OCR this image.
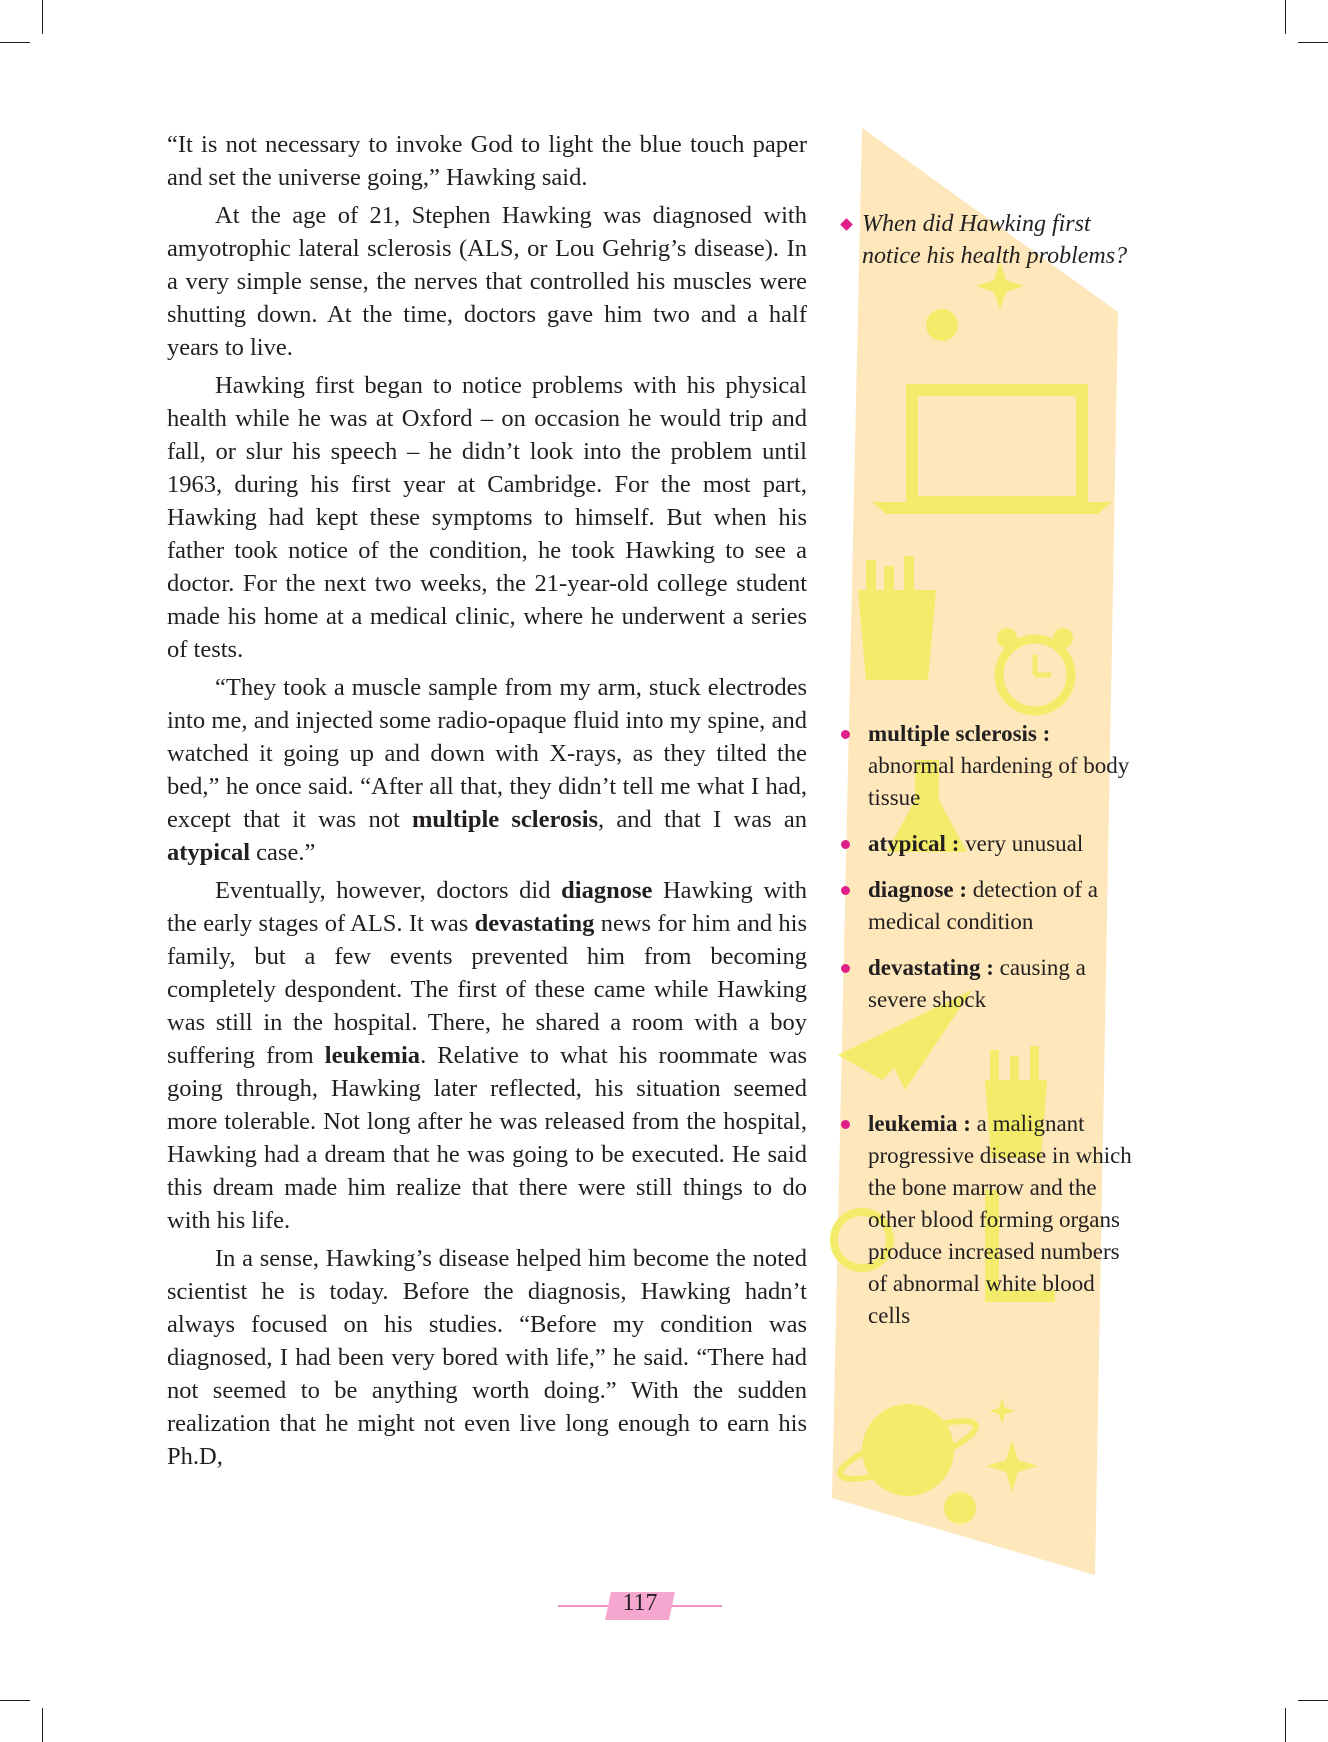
“It is not necessary to invoke God to light the blue touch paper and set the universe going,” Hawking said.

At the age of 21, Stephen Hawking was diagnosed with amyotrophic lateral sclerosis (ALS, or Lou Gehrig’s disease). In a very simple sense, the nerves that controlled his muscles were shutting down. At the time, doctors gave him two and a half years to live.

Hawking first began to notice problems with his physical health while he was at Oxford – on occasion he would trip and fall, or slur his speech – he didn’t look into the problem until 1963, during his first year at Cambridge. For the most part, Hawking had kept these symptoms to himself. But when his father took notice of the condition, he took Hawking to see a doctor. For the next two weeks, the 21-year-old college student made his home at a medical clinic, where he underwent a series of tests.

“They took a muscle sample from my arm, stuck electrodes into me, and injected some radio-opaque fluid into my spine, and watched it going up and down with X-rays, as they tilted the bed,” he once said. “After all that, they didn’t tell me what I had, except that it was not multiple sclerosis, and that I was an atypical case.”

Eventually, however, doctors did diagnose Hawking with the early stages of ALS. It was devastating news for him and his family, but a few events prevented him from becoming completely despondent. The first of these came while Hawking was still in the hospital. There, he shared a room with a boy suffering from leukemia. Relative to what his roommate was going through, Hawking later reflected, his situation seemed more tolerable. Not long after he was released from the hospital, Hawking had a dream that he was going to be executed. He said this dream made him realize that there were still things to do with his life.

In a sense, Hawking’s disease helped him become the noted scientist he is today. Before the diagnosis, Hawking hadn’t always focused on his studies. “Before my condition was diagnosed, I had been very bored with life,” he said. “There had not seemed to be anything worth doing.” With the sudden realization that he might not even live long enough to earn his Ph.D,

When did Hawking first notice his health problems?
multiple sclerosis : abnormal hardening of body tissue
atypical : very unusual
diagnose : detection of a medical condition
devastating : causing a severe shock
leukemia : a malignant progressive disease in which the bone marrow and the other blood forming organs produce increased numbers of abnormal white blood cells
117
